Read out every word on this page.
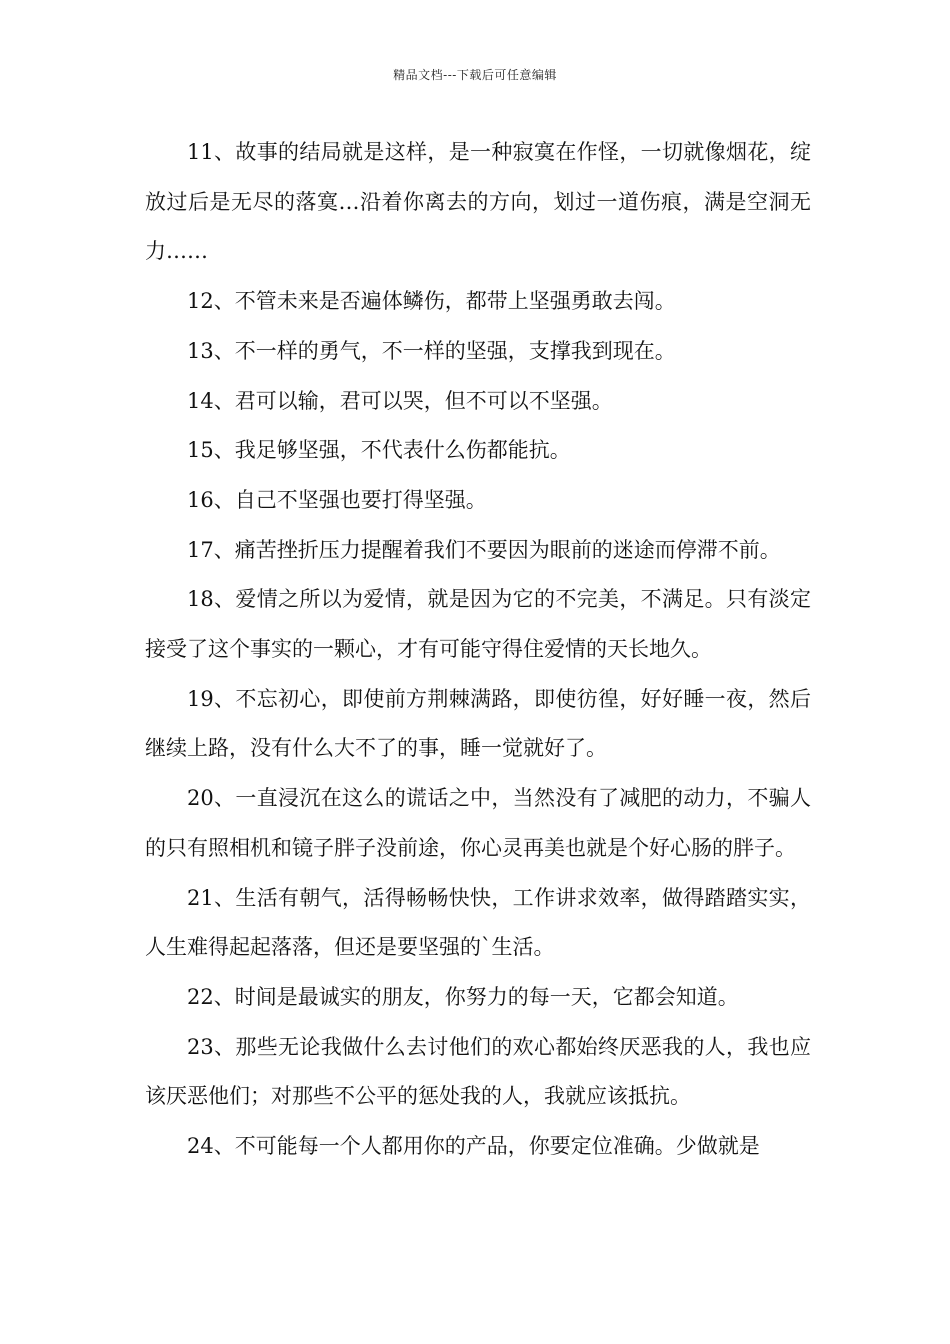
精品文档---下载后可任意编辑

11、故事的结局就是这样，是一种寂寞在作怪，一切就像烟花，绽放过后是无尽的落寞…沿着你离去的方向，划过一道伤痕，满是空洞无力……

12、不管未来是否遍体鳞伤，都带上坚强勇敢去闯。

13、不一样的勇气，不一样的坚强，支撑我到现在。

14、君可以输，君可以哭，但不可以不坚强。

15、我足够坚强，不代表什么伤都能抗。

16、自己不坚强也要打得坚强。

17、痛苦挫折压力提醒着我们不要因为眼前的迷途而停滞不前。

18、爱情之所以为爱情，就是因为它的不完美，不满足。只有淡定接受了这个事实的一颗心，才有可能守得住爱情的天长地久。

19、不忘初心，即使前方荆棘满路，即使彷徨，好好睡一夜，然后继续上路，没有什么大不了的事，睡一觉就好了。

20、一直浸沉在这么的谎话之中，当然没有了减肥的动力，不骗人的只有照相机和镜子胖子没前途，你心灵再美也就是个好心肠的胖子。

21、生活有朝气，活得畅畅快快，工作讲求效率，做得踏踏实实，人生难得起起落落，但还是要坚强的`生活。

22、时间是最诚实的朋友，你努力的每一天，它都会知道。

23、那些无论我做什么去讨他们的欢心都始终厌恶我的人，我也应该厌恶他们；对那些不公平的惩处我的人，我就应该抵抗。

24、不可能每一个人都用你的产品，你要定位准确。少做就是
